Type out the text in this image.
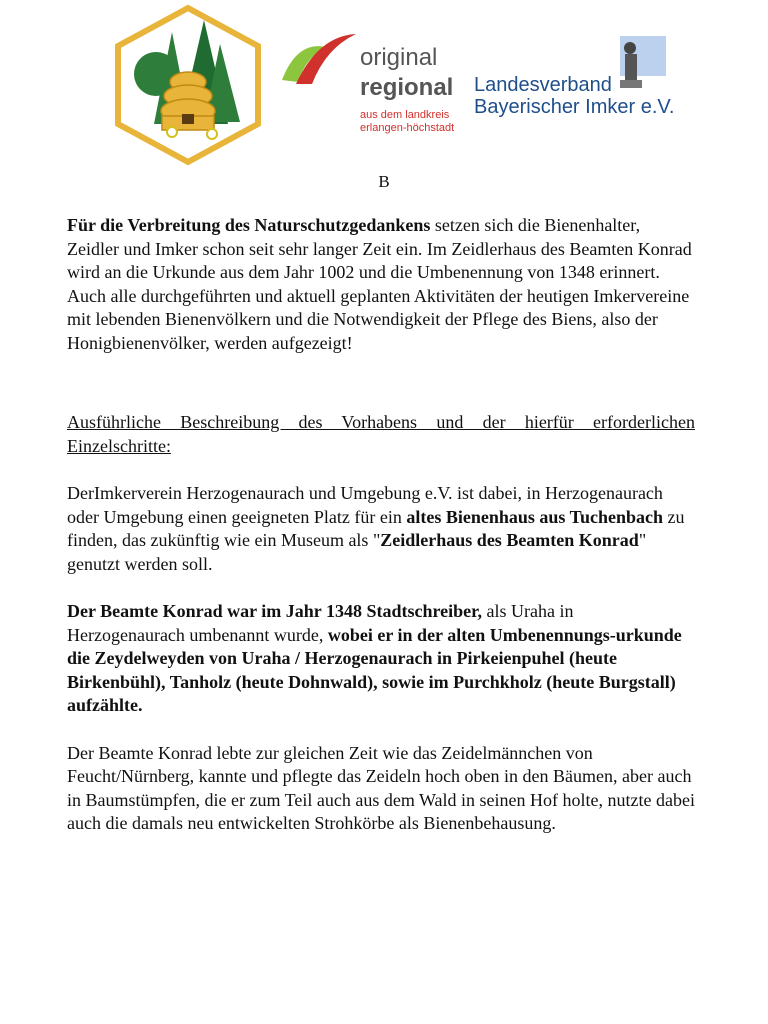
original
regional
aus dem landkreis
erlangen-höchstadt
Landesverband
Bayerischer Imker e.V.
B

Für die Verbreitung des Naturschutzgedankens setzen sich die Bienenhalter, Zeidler und Imker schon seit sehr langer Zeit ein. Im Zeidlerhaus des Beamten Konrad wird an die Urkunde aus dem Jahr 1002 und die Umbenennung von 1348 erinnert. Auch alle durchgeführten und aktuell geplanten Aktivitäten der heutigen Imkervereine mit lebenden Bienenvölkern und die Notwendigkeit der Pflege des Biens, also der Honigbienenvölker, werden aufgezeigt!

Ausführliche Beschreibung des Vorhabens und der hierfür erforderlichen

Einzelschritte:

DerImkerverein Herzogenaurach und Umgebung e.V. ist dabei, in Herzogenaurach oder Umgebung einen geeigneten Platz für ein altes Bienenhaus aus Tuchenbach zu finden, das zukünftig wie ein Museum als "Zeidlerhaus des Beamten Konrad" genutzt werden soll.

Der Beamte Konrad war im Jahr 1348 Stadtschreiber, als Uraha in Herzogenaurach umbenannt wurde, wobei er in der alten Umbenennungs-urkunde die Zeydelweyden von Uraha / Herzogenaurach in Pirkeienpuhel (heute Birkenbühl), Tanholz (heute Dohnwald), sowie im Purchkholz (heute Burgstall) aufzählte.

Der Beamte Konrad lebte zur gleichen Zeit wie das Zeidelmännchen von Feucht/Nürnberg, kannte und pflegte das Zeideln hoch oben in den Bäumen, aber auch in Baumstümpfen, die er zum Teil auch aus dem Wald in seinen Hof holte, nutzte dabei auch die damals neu entwickelten Strohkörbe als Bienenbehausung.
